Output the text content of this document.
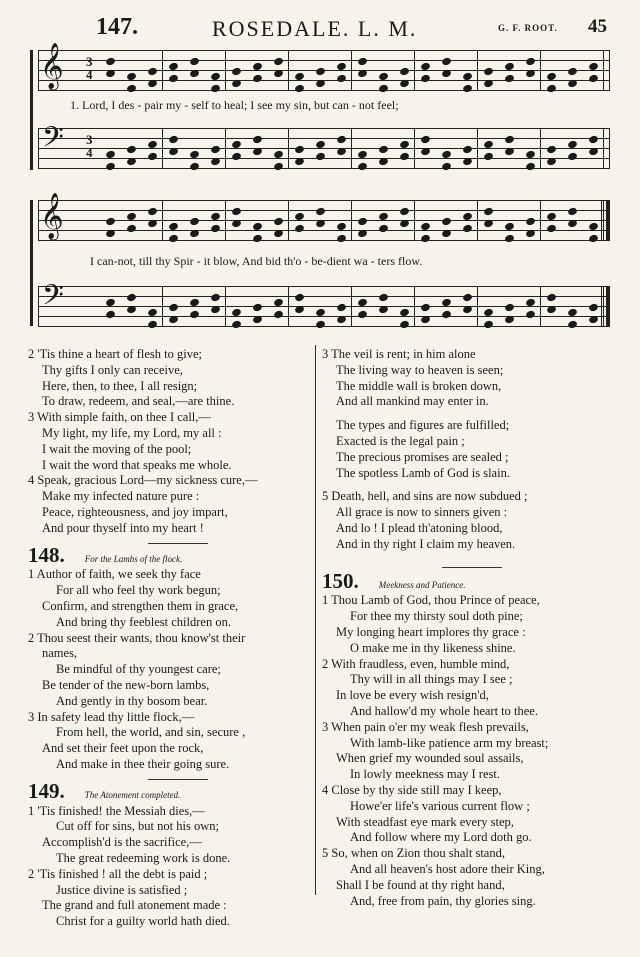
147.	ROSEDALE. L. M.	G. F. ROOT. 45
𝄞 3
4
1. Lord, I des - pair my - self to heal; I see my sin, but can - not feel;
𝄢 3
4
𝄞
I can-not, till thy Spir - it blow, And bid th'o - be-dient wa - ters flow.
𝄢

2 'Tis thine a heart of flesh to give;

Thy gifts I only can receive,

Here, then, to thee, I all resign;

To draw, redeem, and seal,—are thine.

3 With simple faith, on thee I call,—

My light, my life, my Lord, my all :

I wait the moving of the pool;

I wait the word that speaks me whole.

4 Speak, gracious Lord—my sickness cure,—

Make my infected nature pure :

Peace, righteousness, and joy impart,

And pour thyself into my heart !

148. For the Lambs of the flock.

1 Author of faith, we seek thy face

For all who feel thy work begun;

Confirm, and strengthen them in grace,

And bring thy feeblest children on.

2 Thou seest their wants, thou know'st their

names,

Be mindful of thy youngest care;

Be tender of the new-born lambs,

And gently in thy bosom bear.

3 In safety lead thy little flock,—

From hell, the world, and sin, secure ,

And set their feet upon the rock,

And make in thee their going sure.

149. The Atonement completed.

1 'Tis finished! the Messiah dies,—

Cut off for sins, but not his own;

Accomplish'd is the sacrifice,—

The great redeeming work is done.

2 'Tis finished ! all the debt is paid ;

Justice divine is satisfied ;

The grand and full atonement made :

Christ for a guilty world hath died.

3 The veil is rent; in him alone

The living way to heaven is seen;

The middle wall is broken down,

And all mankind may enter in.

The types and figures are fulfilled;

Exacted is the legal pain ;

The precious promises are sealed ;

The spotless Lamb of God is slain.

5 Death, hell, and sins are now subdued ;

All grace is now to sinners given :

And lo ! I plead th'atoning blood,

And in thy right I claim my heaven.

150. Meekness and Patience.

1 Thou Lamb of God, thou Prince of peace,

For thee my thirsty soul doth pine;

My longing heart implores thy grace :

O make me in thy likeness shine.

2 With fraudless, even, humble mind,

Thy will in all things may I see ;

In love be every wish resign'd,

And hallow'd my whole heart to thee.

3 When pain o'er my weak flesh prevails,

With lamb-like patience arm my breast;

When grief my wounded soul assails,

In lowly meekness may I rest.

4 Close by thy side still may I keep,

Howe'er life's various current flow ;

With steadfast eye mark every step,

And follow where my Lord doth go.

5 So, when on Zion thou shalt stand,

And all heaven's host adore their King,

Shall I be found at thy right hand,

And, free from pain, thy glories sing.
